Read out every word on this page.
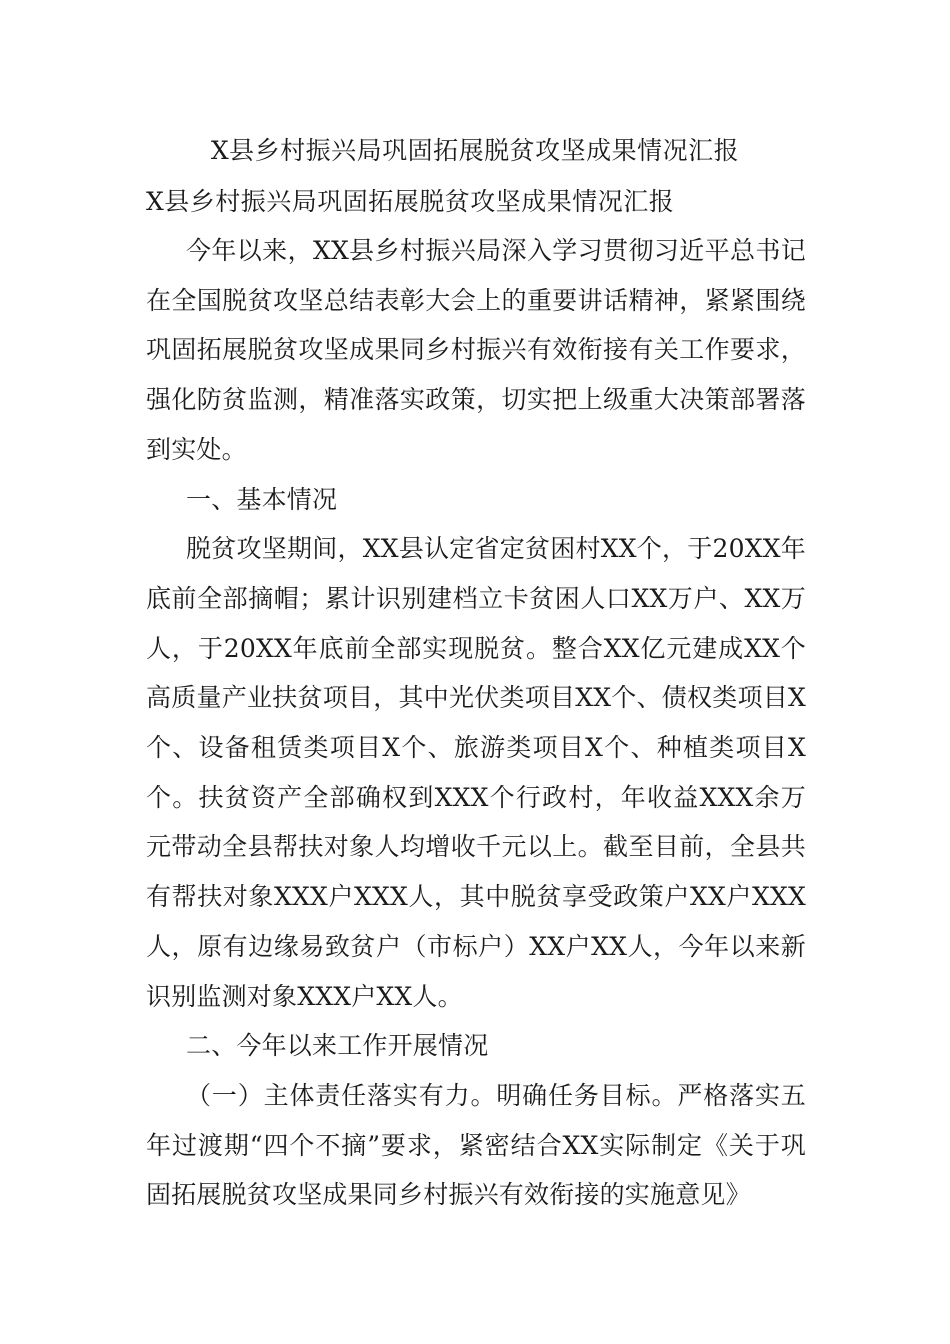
X县乡村振兴局巩固拓展脱贫攻坚成果情况汇报
X县乡村振兴局巩固拓展脱贫攻坚成果情况汇报

今年以来，XX县乡村振兴局深入学习贯彻习近平总书记在全国脱贫攻坚总结表彰大会上的重要讲话精神，紧紧围绕巩固拓展脱贫攻坚成果同乡村振兴有效衔接有关工作要求，强化防贫监测，精准落实政策，切实把上级重大决策部署落到实处。

一、基本情况

脱贫攻坚期间，XX县认定省定贫困村XX个，于20XX年底前全部摘帽；累计识别建档立卡贫困人口XX万户、XX万人，于20XX年底前全部实现脱贫。整合XX亿元建成XX个高质量产业扶贫项目，其中光伏类项目XX个、债权类项目X个、设备租赁类项目X个、旅游类项目X个、种植类项目X个。扶贫资产全部确权到XXX个行政村，年收益XXX余万元带动全县帮扶对象人均增收千元以上。截至目前，全县共有帮扶对象XXX户XXX人，其中脱贫享受政策户XX户XXX人，原有边缘易致贫户（市标户）XX户XX人，今年以来新识别监测对象XXX户XX人。

二、今年以来工作开展情况

（一）主体责任落实有力。明确任务目标。严格落实五年过渡期“四个不摘”要求，紧密结合XX实际制定《关于巩固拓展脱贫攻坚成果同乡村振兴有效衔接的实施意见》
